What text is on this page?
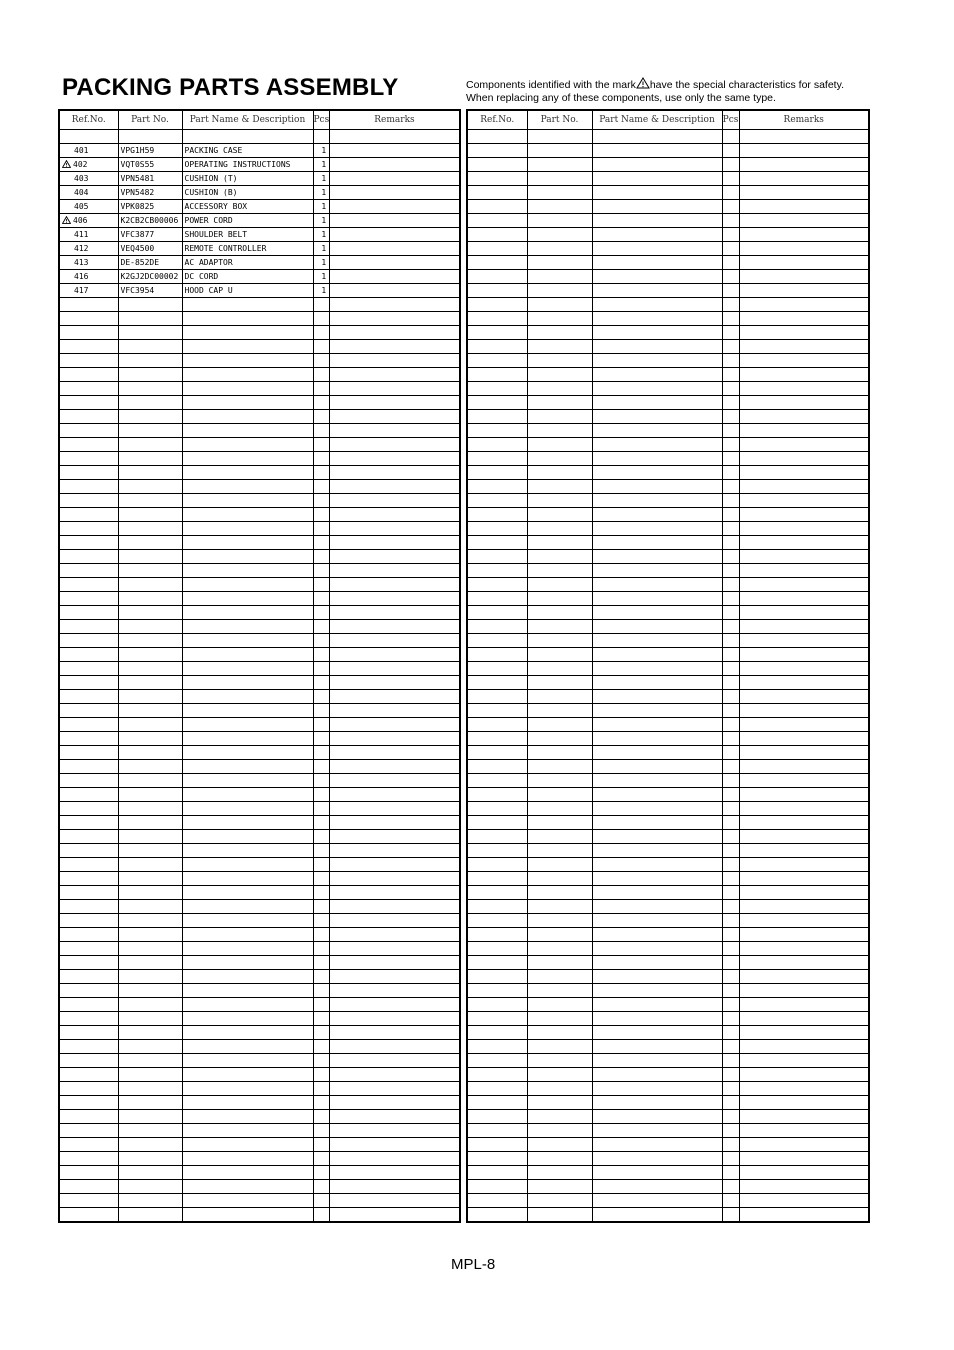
PACKING PARTS ASSEMBLY	Components identified with the mark have the special characteristics for safety.
When replacing any of these components, use only the same type.
Ref.No.	Part No.	Part Name & Description	Pcs	Remarks

401	VPG1H59	PACKING CASE	1	
402	VQT0S55	OPERATING INSTRUCTIONS	1	
403	VPN5481	CUSHION (T)	1	
404	VPN5482	CUSHION (B)	1	
405	VPK0825	ACCESSORY BOX	1	
406	K2CB2CB00006	POWER CORD	1	
411	VFC3877	SHOULDER BELT	1	
412	VEQ4500	REMOTE CONTROLLER	1	
413	DE-852DE	AC ADAPTOR	1	
416	K2GJ2DC00002	DC CORD	1	
417	VFC3954	HOOD CAP U	1	

Ref.No.	Part No.	Part Name & Description	Pcs	Remarks

MPL-8
